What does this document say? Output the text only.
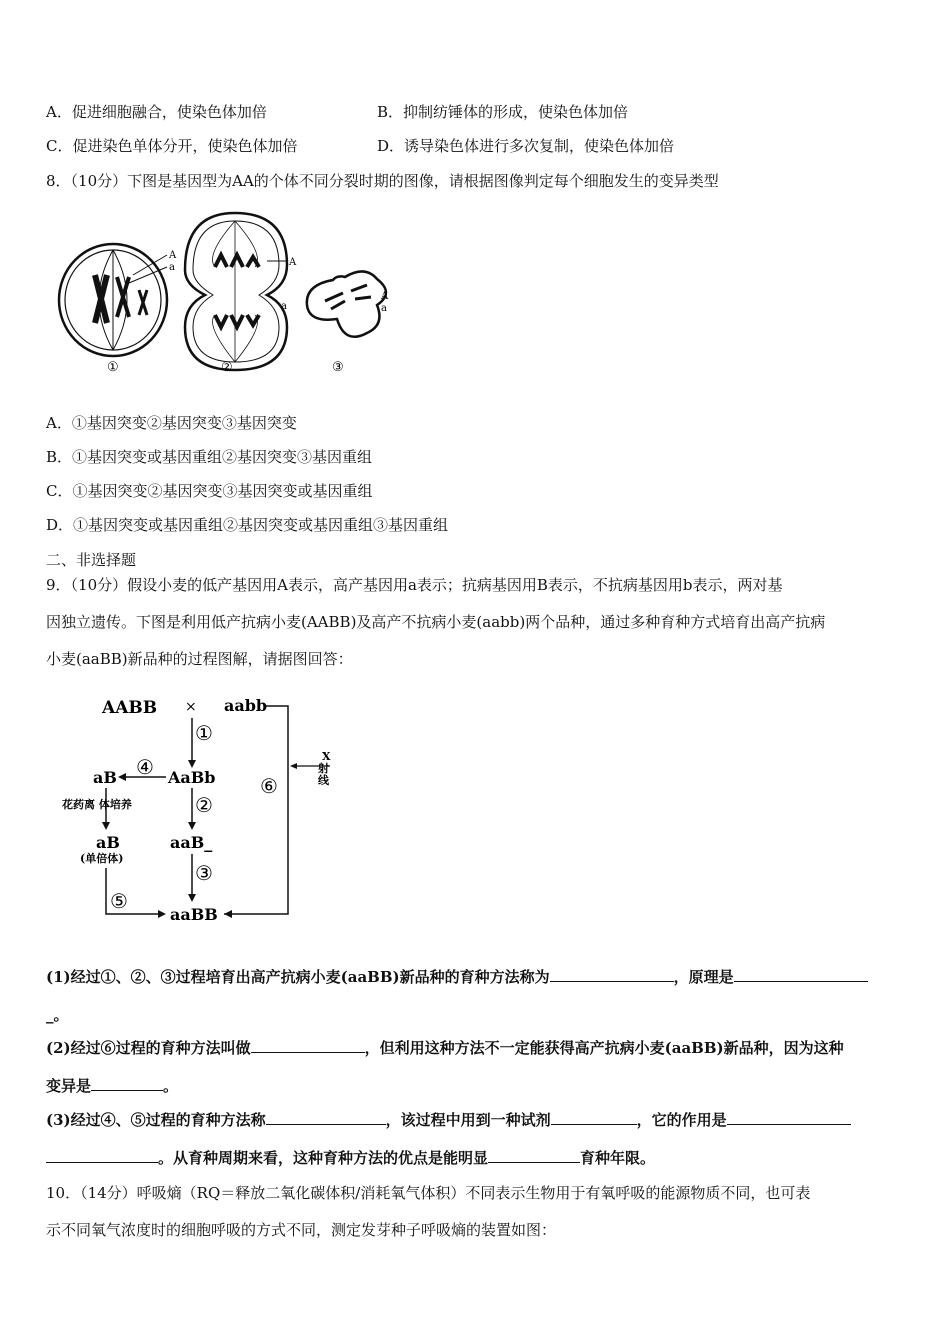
A．促进细胞融合，使染色体加倍	B．抑制纺锤体的形成，使染色体加倍
C．促进染色单体分开，使染色体加倍	D．诱导染色体进行多次复制，使染色体加倍
8．（10分）下图是基因型为AA的个体不同分裂时期的图像，请根据图像判定每个细胞发生的变异类型
A
a
①
A
a
②
A
a
③
A．①基因突变②基因突变③基因突变
B．①基因突变或基因重组②基因突变③基因重组
C．①基因突变②基因突变③基因突变或基因重组
D．①基因突变或基因重组②基因突变或基因重组③基因重组
二、非选择题
9．（10分）假设小麦的低产基因用A表示，高产基因用a表示；抗病基因用B表示，不抗病基因用b表示，两对基
因独立遗传。下图是利用低产抗病小麦(AABB)及高产不抗病小麦(aabb)两个品种，通过多种育种方式培育出高产抗病
小麦(aaBB)新品种的过程图解，请据图回答：
AABB × aabb
X
射
线
⑥
①
AaBb
aB ④
②
花药离 体培养
aB
(单倍体)
aaB_
③
⑤
aaBB
(1)经过①、②、③过程培育出高产抗病小麦(aaBB)新品种的育种方法称为	，原理是
_。
(2)经过⑥过程的育种方法叫做	，但利用这种方法不一定能获得高产抗病小麦(aaBB)新品种，因为这种
变异是	。
(3)经过④、⑤过程的育种方法称	，该过程中用到一种试剂	，它的作用是
。从育种周期来看，这种育种方法的优点是能明显	育种年限。
10．（14分）呼吸熵（RQ＝释放二氧化碳体积/消耗氧气体积）不同表示生物用于有氧呼吸的能源物质不同，也可表
示不同氧气浓度时的细胞呼吸的方式不同，测定发芽种子呼吸熵的装置如图：
